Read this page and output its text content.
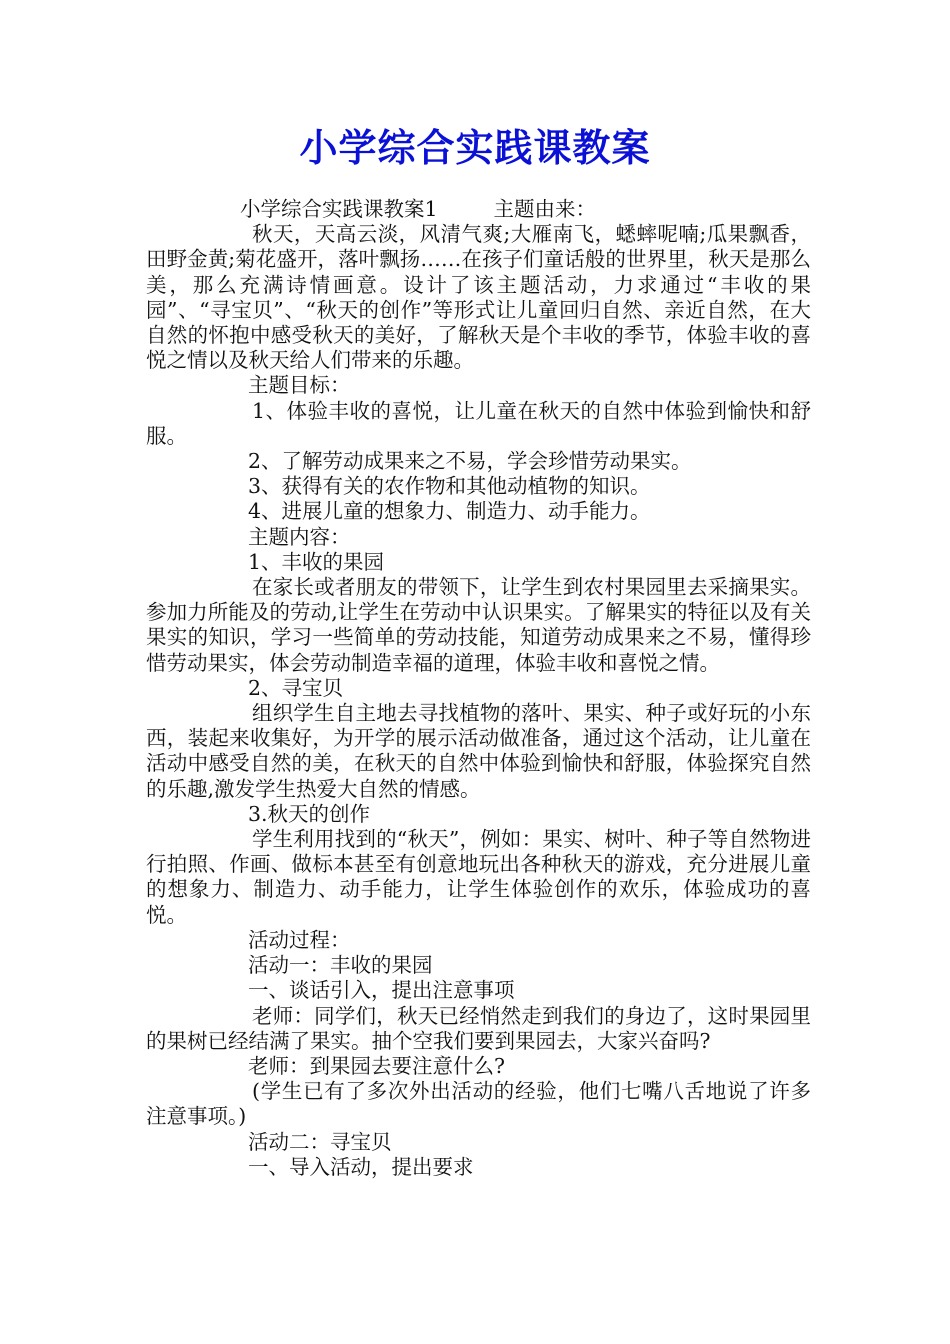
小学综合实践课教案

小学综合实践课教案1	主题由来：

秋天，天高云淡，风清气爽;大雁南飞，蟋蟀呢喃;瓜果飘香，田野金黄;菊花盛开，落叶飘扬……在孩子们童话般的世界里，秋天是那么美，那么充满诗情画意。设计了该主题活动，力求通过“丰收的果园”、“寻宝贝”、“秋天的创作”等形式让儿童回归自然、亲近自然，在大自然的怀抱中感受秋天的美好，了解秋天是个丰收的季节，体验丰收的喜悦之情以及秋天给人们带来的乐趣。

主题目标：

1、体验丰收的喜悦，让儿童在秋天的自然中体验到愉快和舒服。

2、了解劳动成果来之不易，学会珍惜劳动果实。

3、获得有关的农作物和其他动植物的知识。

4、进展儿童的想象力、制造力、动手能力。

主题内容：

1、丰收的果园

在家长或者朋友的带领下，让学生到农村果园里去采摘果实。参加力所能及的劳动,让学生在劳动中认识果实。了解果实的特征以及有关果实的知识，学习一些简单的劳动技能，知道劳动成果来之不易，懂得珍惜劳动果实，体会劳动制造幸福的道理，体验丰收和喜悦之情。

2、寻宝贝

组织学生自主地去寻找植物的落叶、果实、种子或好玩的小东西，装起来收集好，为开学的展示活动做准备，通过这个活动，让儿童在活动中感受自然的美，在秋天的自然中体验到愉快和舒服，体验探究自然的乐趣,激发学生热爱大自然的情感。

3.秋天的创作

学生利用找到的“秋天”，例如：果实、树叶、种子等自然物进行拍照、作画、做标本甚至有创意地玩出各种秋天的游戏，充分进展儿童的想象力、制造力、动手能力，让学生体验创作的欢乐，体验成功的喜悦。

活动过程：

活动一：丰收的果园

一、谈话引入，提出注意事项

老师：同学们，秋天已经悄然走到我们的身边了，这时果园里的果树已经结满了果实。抽个空我们要到果园去，大家兴奋吗?

老师：到果园去要注意什么?

(学生已有了多次外出活动的经验，他们七嘴八舌地说了许多注意事项。)

活动二：寻宝贝

一、导入活动，提出要求
